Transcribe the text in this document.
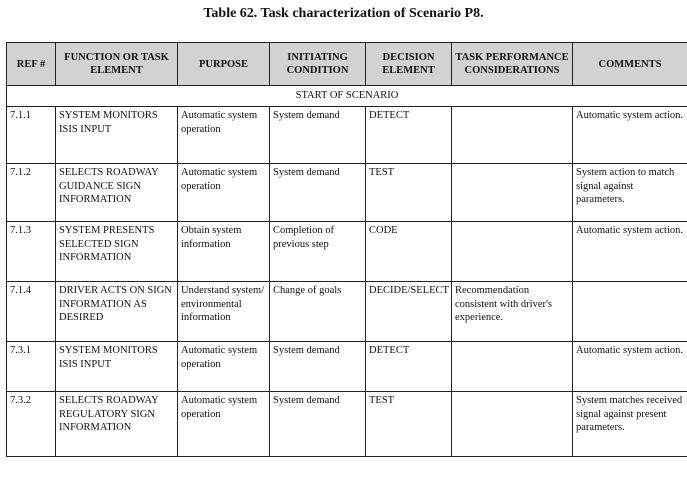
Table 62. Task characterization of Scenario P8.
REF #	FUNCTION OR TASK ELEMENT	PURPOSE	INITIATING CONDITION	DECISION ELEMENT	TASK PERFORMANCE CONSIDERATIONS	COMMENTS
START OF SCENARIO						
7.1.1	SYSTEM MONITORS ISIS INPUT	Automatic system operation	System demand	DETECT		Automatic system action.
7.1.2	SELECTS ROADWAY GUIDANCE SIGN INFORMATION	Automatic system operation	System demand	TEST		System action to match signal against parameters.
7.1.3	SYSTEM PRESENTS SELECTED SIGN INFORMATION	Obtain system information	Completion of previous step	CODE		Automatic system action.
7.1.4	DRIVER ACTS ON SIGN INFORMATION AS DESIRED	Understand system/ environmental information	Change of goals	DECIDE/SELECT	Recommendation consistent with driver's experience.	
7.3.1	SYSTEM MONITORS ISIS INPUT	Automatic system operation	System demand	DETECT		Automatic system action.
7.3.2	SELECTS ROADWAY REGULATORY SIGN INFORMATION	Automatic system operation	System demand	TEST		System matches received signal against present parameters.
